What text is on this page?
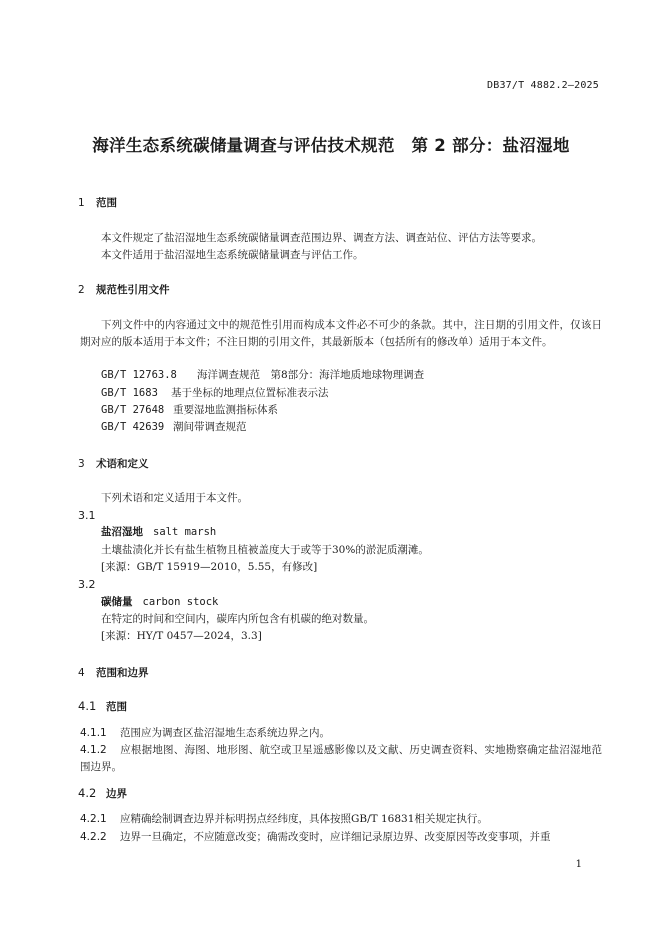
DB37/T 4882.2—2025
海洋生态系统碳储量调查与评估技术规范　第 2 部分：盐沼湿地
1 范围
本文件规定了盐沼湿地生态系统碳储量调查范围边界、调查方法、调查站位、评估方法等要求。
本文件适用于盐沼湿地生态系统碳储量调查与评估工作。
2 规范性引用文件
下列文件中的内容通过文中的规范性引用而构成本文件必不可少的条款。其中，注日期的引用文件，仅该日期对应的版本适用于本文件；不注日期的引用文件，其最新版本（包括所有的修改单）适用于本文件。
GB/T 12763.8 海洋调查规范　第8部分：海洋地质地球物理调查
GB/T 1683 基于坐标的地理点位置标准表示法
GB/T 27648 重要湿地监测指标体系
GB/T 42639 潮间带调查规范
3 术语和定义
下列术语和定义适用于本文件。
3.1
盐沼湿地 salt marsh
土壤盐渍化并长有盐生植物且植被盖度大于或等于30%的淤泥质潮滩。
[来源：GB/T 15919—2010，5.55，有修改]
3.2
碳储量 carbon stock
在特定的时间和空间内，碳库内所包含有机碳的绝对数量。
[来源：HY/T 0457—2024，3.3]
4 范围和边界
4.1 范围
4.1.1 范围应为调查区盐沼湿地生态系统边界之内。
4.1.2 应根据地图、海图、地形图、航空或卫星遥感影像以及文献、历史调查资料、实地勘察确定盐沼湿地范围边界。
4.2 边界
4.2.1 应精确绘制调查边界并标明拐点经纬度，具体按照GB/T 16831相关规定执行。
4.2.2 边界一旦确定，不应随意改变；确需改变时，应详细记录原边界、改变原因等改变事项，并重
1
